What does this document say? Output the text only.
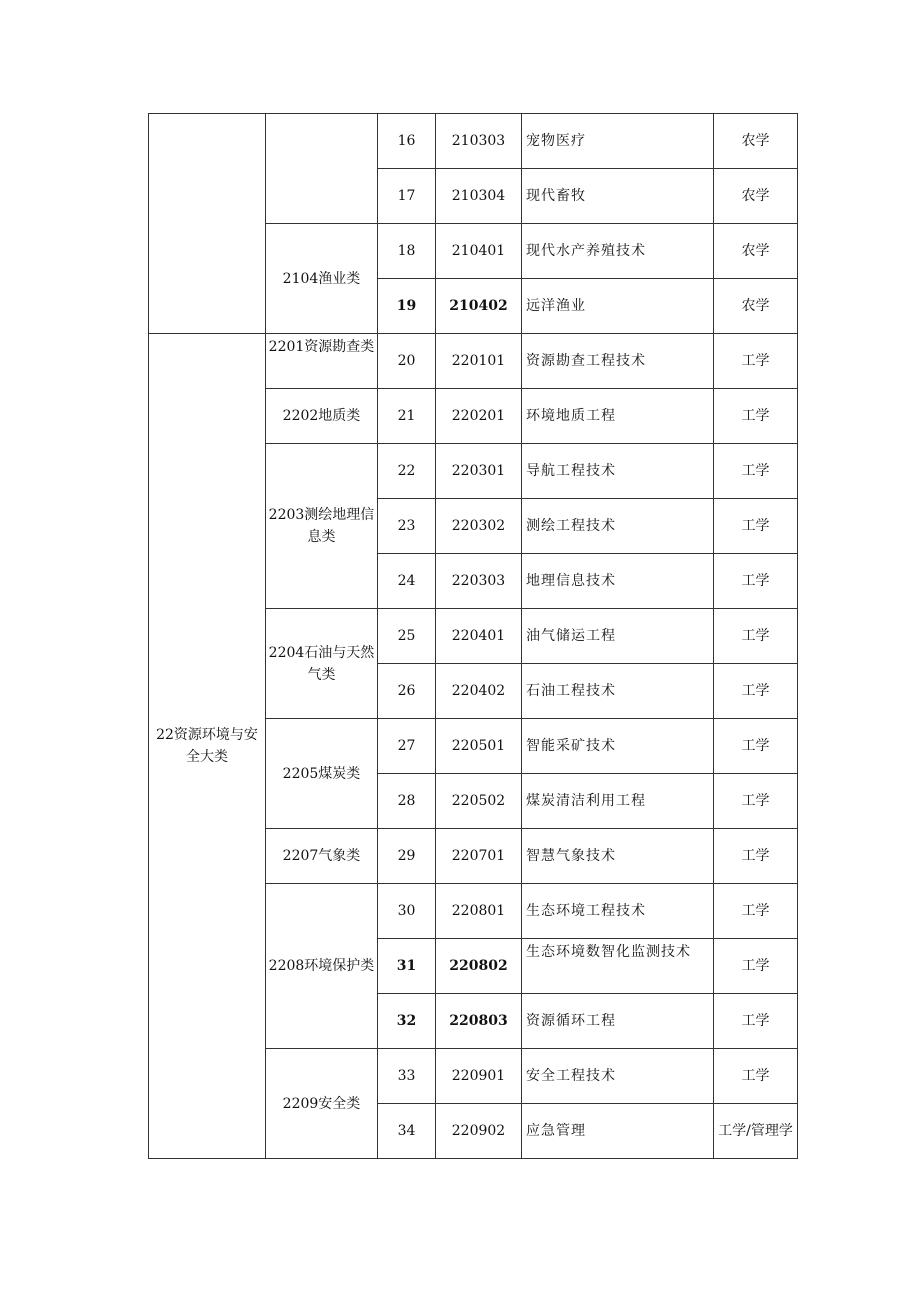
		16	210303	宠物医疗	农学
		17	210304	现代畜牧	农学
	2104渔业类	18	210401	现代水产养殖技术	农学
		19	210402	远洋渔业	农学
22资源环境与安全大类	2201资源勘查类	20	220101	资源勘查工程技术	工学
	2202地质类	21	220201	环境地质工程	工学
	2203测绘地理信息类	22	220301	导航工程技术	工学
		23	220302	测绘工程技术	工学
		24	220303	地理信息技术	工学
	2204石油与天然气类	25	220401	油气储运工程	工学
		26	220402	石油工程技术	工学
	2205煤炭类	27	220501	智能采矿技术	工学
		28	220502	煤炭清洁利用工程	工学
	2207气象类	29	220701	智慧气象技术	工学
	2208环境保护类	30	220801	生态环境工程技术	工学
		31	220802	生态环境数智化监测技术	工学
		32	220803	资源循环工程	工学
	2209安全类	33	220901	安全工程技术	工学
		34	220902	应急管理	工学/管理学
